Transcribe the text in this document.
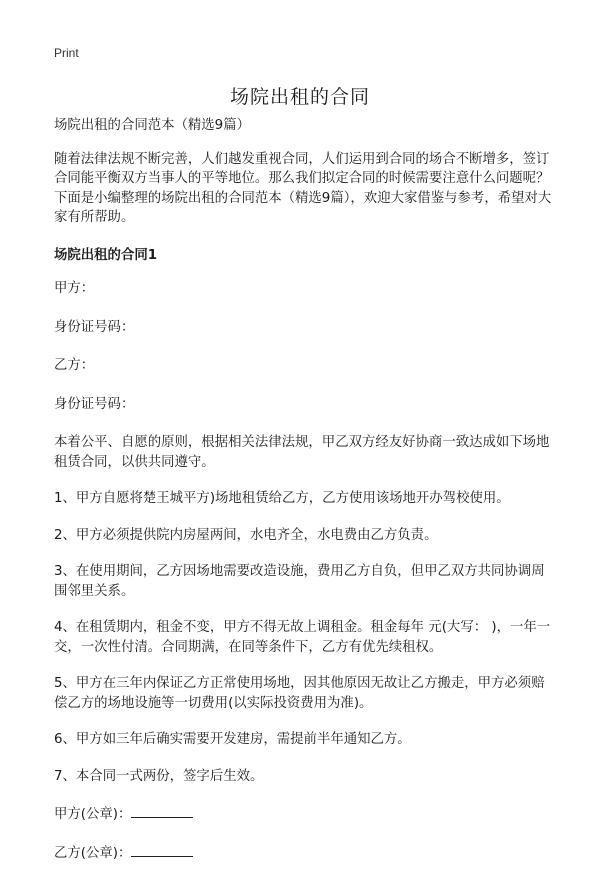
Print
场院出租的合同

场院出租的合同范本（精选9篇）

随着法律法规不断完善，人们越发重视合同，人们运用到合同的场合不断增多，签订合同能平衡双方当事人的平等地位。那么我们拟定合同的时候需要注意什么问题呢？下面是小编整理的场院出租的合同范本（精选9篇），欢迎大家借鉴与参考，希望对大家有所帮助。

场院出租的合同1

甲方：

身份证号码：

乙方：

身份证号码：

本着公平、自愿的原则，根据相关法律法规，甲乙双方经友好协商一致达成如下场地租赁合同，以供共同遵守。

1、甲方自愿将楚王城平方)场地租赁给乙方，乙方使用该场地开办驾校使用。

2、甲方必须提供院内房屋两间，水电齐全，水电费由乙方负责。

3、在使用期间，乙方因场地需要改造设施，费用乙方自负，但甲乙双方共同协调周围邻里关系。

4、在租赁期内，租金不变，甲方不得无故上调租金。租金每年 元(大写： )，一年一交，一次性付清。合同期满，在同等条件下，乙方有优先续租权。

5、甲方在三年内保证乙方正常使用场地，因其他原因无故让乙方搬走，甲方必须赔偿乙方的场地设施等一切费用(以实际投资费用为准)。

6、甲方如三年后确实需要开发建房，需提前半年通知乙方。

7、本合同一式两份，签字后生效。

甲方(公章)：

乙方(公章)：
